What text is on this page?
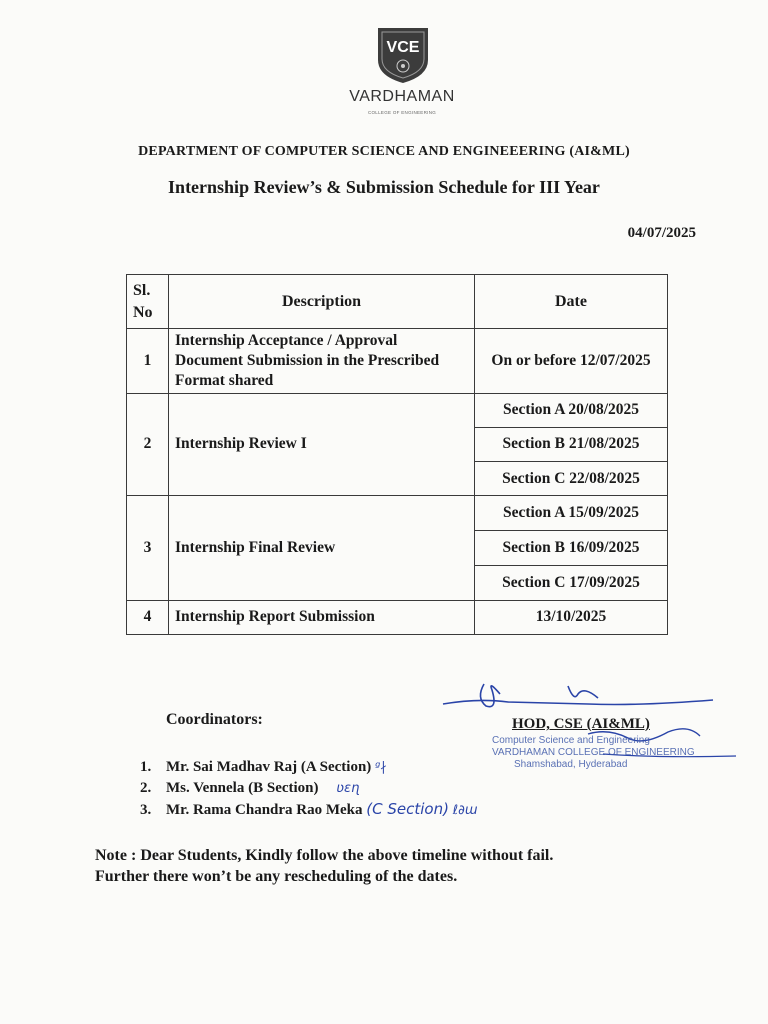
VCE
VARDHAMAN
COLLEGE OF ENGINEERING
DEPARTMENT OF COMPUTER SCIENCE AND ENGINEEERING (AI&ML)
Internship Review’s & Submission Schedule for III Year
04/07/2025
Sl.
No	Description	Date
1	Internship Acceptance / Approval Document Submission in the Prescribed Format shared	On or before 12/07/2025
2	Internship Review I	Section A 20/08/2025
		Section B 21/08/2025
		Section C 22/08/2025
3	Internship Final Review	Section A 15/09/2025
		Section B 16/09/2025
		Section C 17/09/2025
4	Internship Report Submission	13/10/2025
Coordinators:	HOD, CSE (AI&ML)
Computer Science and Engineering
VARDHAMAN COLLEGE OF ENGINEERING
Shamshabad, Hyderabad
1. Mr. Sai Madhav Raj (A Section) ᵍ∤
2. Ms. Vennela (B Section) ʋɛɳ
3. Mr. Rama Chandra Rao Meka (C Section) ℓ∂ɯ

Note : Dear Students, Kindly follow the above timeline without fail.

Further there won’t be any rescheduling of the dates.
